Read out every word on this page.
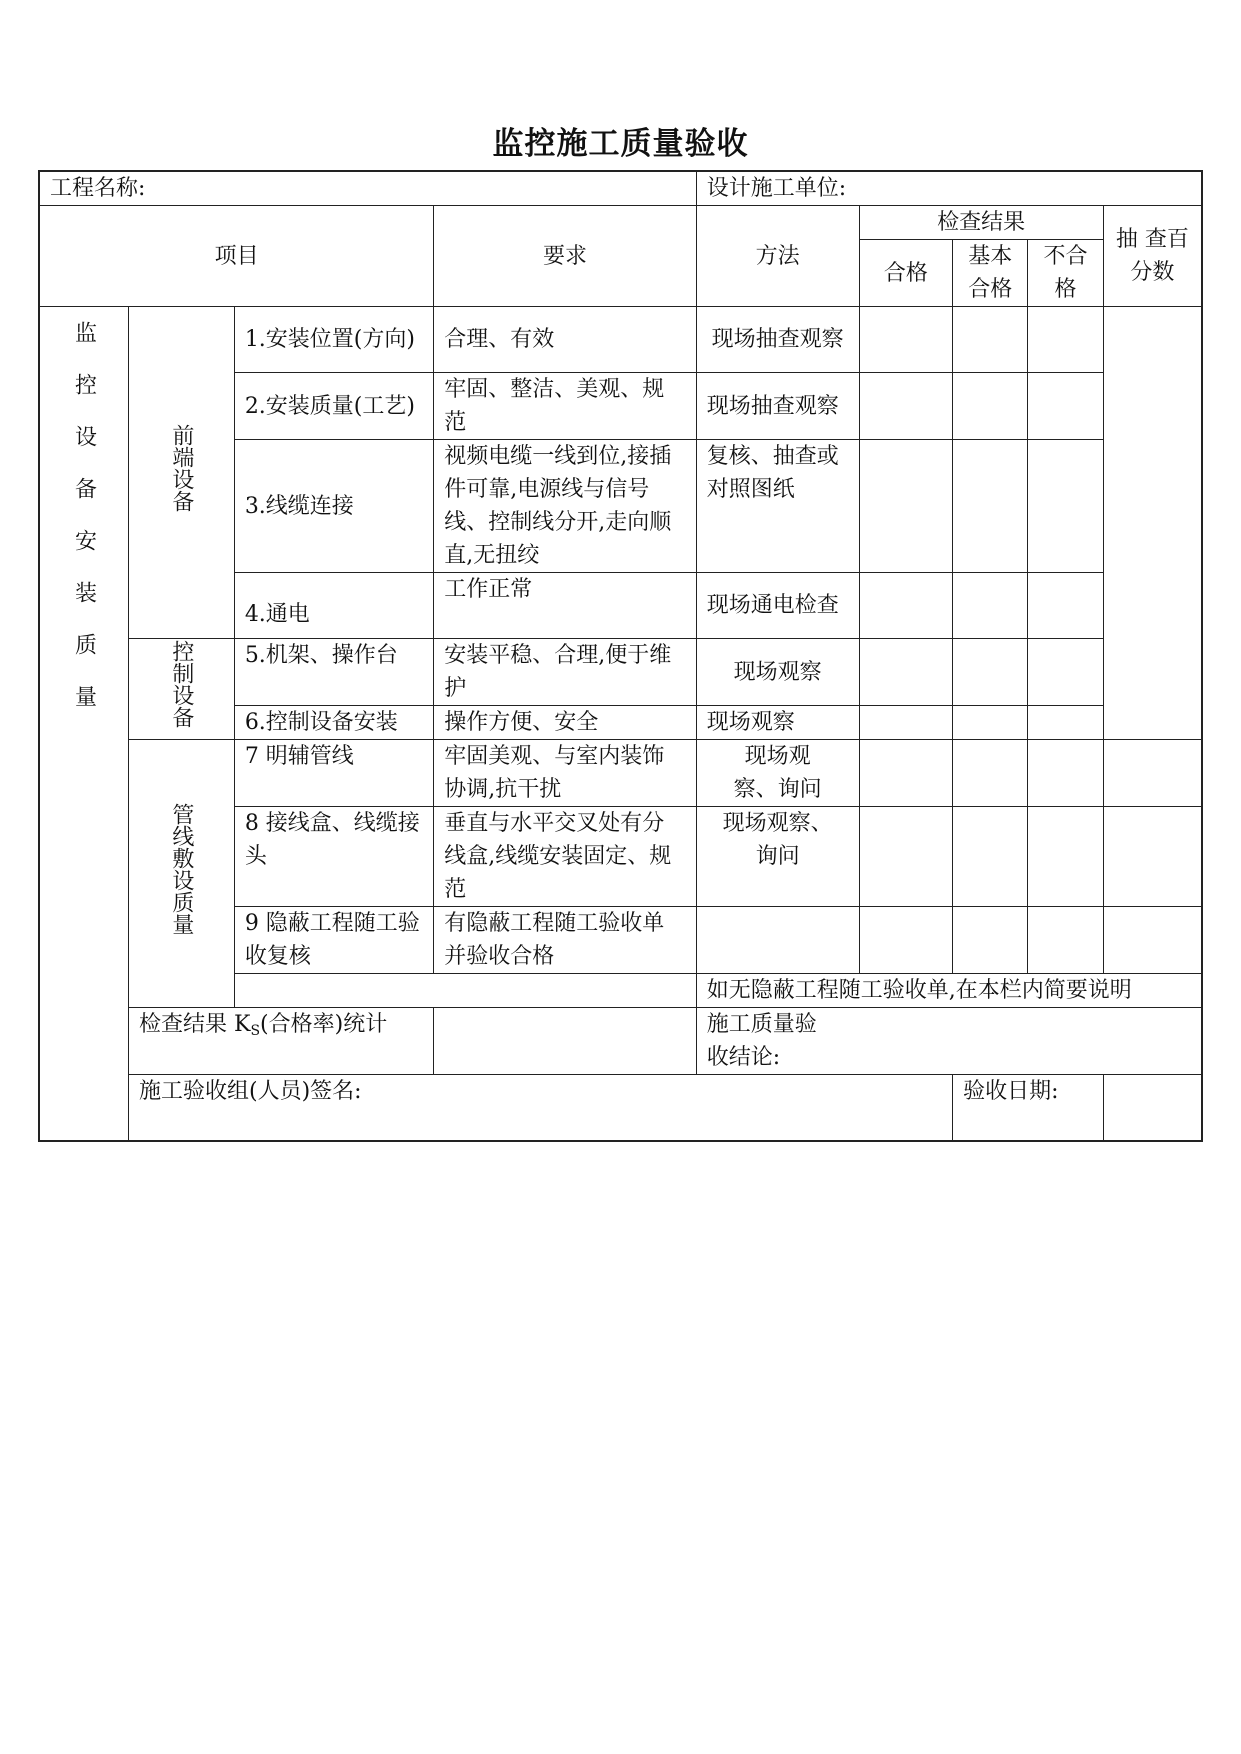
监控施工质量验收
工程名称:				设计施工单位:				
项目			要求	方法	检查结果			抽 查百分数
					合格	基本合格	不合格	
监控设备安装质量	前端设备	1.安装位置(方向)	合理、有效	现场抽查观察				
		2.安装质量(工艺)	牢固、整洁、美观、规范	现场抽查观察				
		3.线缆连接	视频电缆一线到位,接插件可靠,电源线与信号线、控制线分开,走向顺直,无扭绞	复核、抽查或对照图纸				
		4.通电	工作正常	现场通电检查				
	控制设备	5.机架、操作台	安装平稳、合理,便于维护	现场观察				
		6.控制设备安装	操作方便、安全	现场观察				
	管线敷设质量	7 明辅管线	牢固美观、与室内装饰协调,抗干扰	现场观察、询问				
		8 接线盒、线缆接头	垂直与水平交叉处有分线盒,线缆安装固定、规范	现场观察、询问				
		9 隐蔽工程随工验收复核	有隐蔽工程随工验收单并验收合格					
				如无隐蔽工程随工验收单,在本栏内简要说明				
	检查结果 $K_S$(合格率)统计			施工质量验收结论:				

	施工验收组(人员)签名:					验收日期:		
